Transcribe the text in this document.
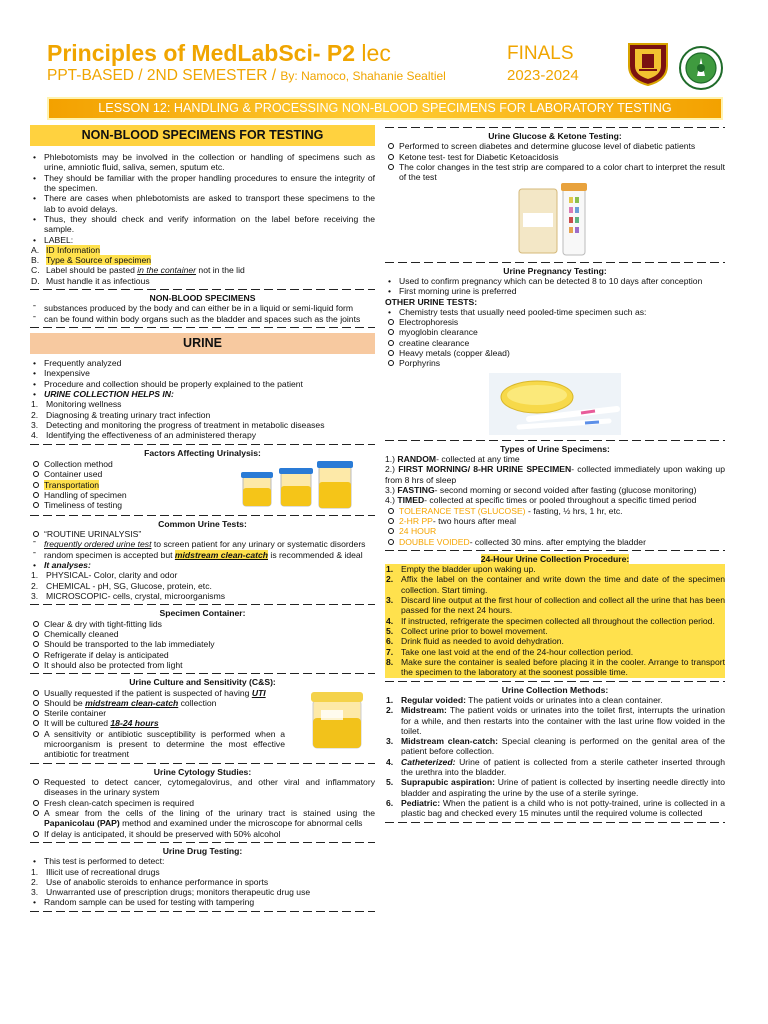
Principles of MedLabSci- P2 lec
PPT-BASED / 2ND SEMESTER / By: Namoco, Shahanie Sealtiel
FINALS
2023-2024
LESSON 12: HANDLING & PROCESSING NON-BLOOD SPECIMENS FOR LABORATORY TESTING
NON-BLOOD SPECIMENS FOR TESTING
• Phlebotomists may be involved in the collection or handling of specimens such as urine, amniotic fluid, saliva, semen, sputum etc.
• They should be familiar with the proper handling procedures to ensure the integrity of the specimen.
• There are cases when phlebotomists are asked to transport these specimens to the lab to avoid delays.
• Thus, they should check and verify information on the label before receiving the sample.
• LABEL:
A. ID Information
B. Type & Source of specimen
C. Label should be pasted in the container not in the lid
D. Must handle it as infectious
NON-BLOOD SPECIMENS
ˉ substances produced by the body and can either be in a liquid or semi-liquid form
ˉ can be found within body organs such as the bladder and spaces such as the joints
URINE
• Frequently analyzed
• Inexpensive
• Procedure and collection should be properly explained to the patient
• URINE COLLECTION HELPS IN:
1. Monitoring wellness
2. Diagnosing & treating urinary tract infection
3. Detecting and monitoring the progress of treatment in metabolic diseases
4. Identifying the effectiveness of an administered therapy
Factors Affecting Urinalysis:
Collection method
Container used
Transportation
Handling of specimen
Timeliness of testing
Common Urine Tests:
“ROUTINE URINALYSIS”
ˉ frequently ordered urine test to screen patient for any urinary or systematic disorders
ˉ random specimen is accepted but midstream clean-catch is recommended & ideal
• It analyses:
1. PHYSICAL- Color, clarity and odor
2. CHEMICAL - pH, SG, Glucose, protein, etc.
3. MICROSCOPIC- cells, crystal, microorganisms
Specimen Container:
Clear & dry with tight-fitting lids
Chemically cleaned
Should be transported to the lab immediately
Refrigerate if delay is anticipated
It should also be protected from light
Urine Culture and Sensitivity (C&S):
Usually requested if the patient is suspected of having UTI
Should be midstream clean-catch collection
Sterile container
It will be cultured 18-24 hours
A sensitivity or antibiotic susceptibility is performed when a microorganism is present to determine the most effective antibiotic for treatment
Urine Cytology Studies:
Requested to detect cancer, cytomegalovirus, and other viral and inflammatory diseases in the urinary system
Fresh clean-catch specimen is required
A smear from the cells of the lining of the urinary tract is stained using the Papanicolau (PAP) method and examined under the microscope for abnormal cells
If delay is anticipated, it should be preserved with 50% alcohol
Urine Drug Testing:
• This test is performed to detect:
1. Illicit use of recreational drugs
2. Use of anabolic steroids to enhance performance in sports
3. Unwarranted use of prescription drugs; monitors therapeutic drug use
• Random sample can be used for testing with tampering
Urine Glucose & Ketone Testing:
Performed to screen diabetes and determine glucose level of diabetic patients
Ketone test- test for Diabetic Ketoacidosis
The color changes in the test strip are compared to a color chart to interpret the result of the test
Urine Pregnancy Testing:
• Used to confirm pregnancy which can be detected 8 to 10 days after conception
• First morning urine is preferred
OTHER URINE TESTS:
• Chemistry tests that usually need pooled-time specimen such as:
Electrophoresis
myoglobin clearance
creatine clearance
Heavy metals (copper &lead)
Porphyrins
Types of Urine Specimens:

1.) RANDOM- collected at any time

2.) FIRST MORNING/ 8-HR URINE SPECIMEN- collected immediately upon waking up from 8 hrs of sleep

3.) FASTING- second morning or second voided after fasting (glucose monitoring)

4.) TIMED- collected at specific times or pooled throughout a specific timed period

TOLERANCE TEST (GLUCOSE) - fasting, ½ hrs, 1 hr, etc.
2-HR PP- two hours after meal
24 HOUR
DOUBLE VOIDED- collected 30 mins. after emptying the bladder
24-Hour Urine Collection Procedure:
1. Empty the bladder upon waking up.
2. Affix the label on the container and write down the time and date of the specimen collection. Start timing.
3. Discard line output at the first hour of collection and collect all the urine that has been passed for the next 24 hours.
4. If instructed, refrigerate the specimen collected all throughout the collection period.
5. Collect urine prior to bowel movement.
6. Drink fluid as needed to avoid dehydration.
7. Take one last void at the end of the 24-hour collection period.
8. Make sure the container is sealed before placing it in the cooler. Arrange to transport the specimen to the laboratory at the soonest possible time.
Urine Collection Methods:
1. Regular voided: The patient voids or urinates into a clean container.
2. Midstream: The patient voids or urinates into the toilet first, interrupts the urination for a while, and then restarts into the container with the last urine flow voided in the toilet.
3. Midstream clean-catch: Special cleaning is performed on the genital area of the patient before collection.
4. Catheterized: Urine of patient is collected from a sterile catheter inserted through the urethra into the bladder.
5. Suprapubic aspiration: Urine of patient is collected by inserting needle directly into bladder and aspirating the urine by the use of a sterile syringe.
6. Pediatric: When the patient is a child who is not potty-trained, urine is collected in a plastic bag and checked every 15 minutes until the required volume is collected
